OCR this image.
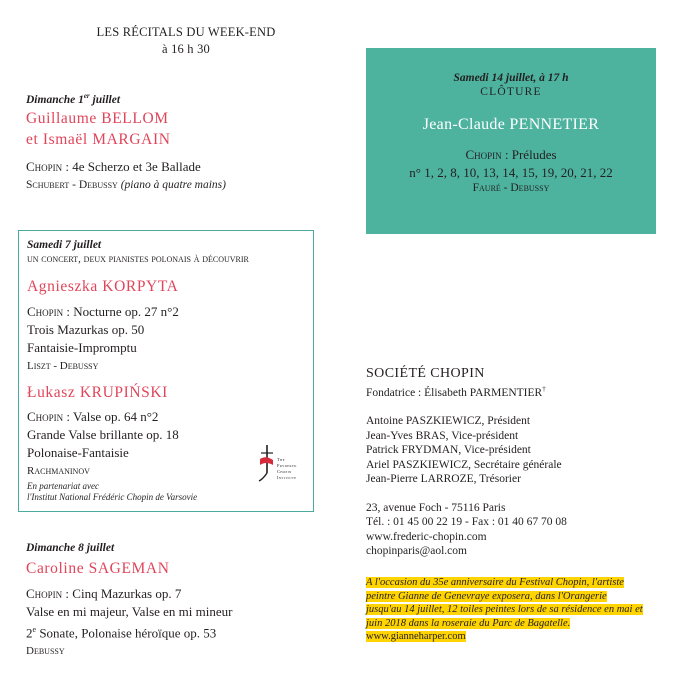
LES RÉCITALS DU WEEK-END
à 16 h 30
Dimanche 1er juillet
Guillaume BELLOM
et Ismaël MARGAIN
Chopin : 4e Scherzo et 3e Ballade
Schubert - Debussy (piano à quatre mains)
Samedi 7 juillet
un concert, deux pianistes polonais à découvrir
Agnieszka KORPYTA
Chopin : Nocturne op. 27 n°2
Trois Mazurkas op. 50
Fantaisie-Impromptu
Liszt - Debussy
Łukasz KRUPIŃSKI
Chopin : Valse op. 64 n°2
Grande Valse brillante op. 18
Polonaise-Fantaisie
Rachmaninov
En partenariat avec
l'Institut National Frédéric Chopin de Varsovie
The
Fryderyk
Chopin
Institute
Dimanche 8 juillet
Caroline SAGEMAN
Chopin : Cinq Mazurkas op. 7
Valse en mi majeur, Valse en mi mineur
2e Sonate, Polonaise héroïque op. 53
Debussy
Samedi 14 juillet, à 17 h
CLÔTURE
Jean-Claude PENNETIER
Chopin : Préludes
n° 1, 2, 8, 10, 13, 14, 15, 19, 20, 21, 22
Fauré - Debussy
SOCIÉTÉ CHOPIN
Fondatrice : Élisabeth PARMENTIER†
Antoine PASZKIEWICZ, Président
Jean-Yves BRAS, Vice-président
Patrick FRYDMAN, Vice-président
Ariel PASZKIEWICZ, Secrétaire générale
Jean-Pierre LARROZE, Trésorier
23, avenue Foch - 75116 Paris
Tél. : 01 45 00 22 19 - Fax : 01 40 67 70 08
www.frederic-chopin.com
chopinparis@aol.com
A l'occasion du 35e anniversaire du Festival Chopin, l'artiste
peintre Gianne de Genevraye exposera, dans l'Orangerie
jusqu'au 14 juillet, 12 toiles peintes lors de sa résidence en mai et
juin 2018 dans la roseraie du Parc de Bagatelle.
www.gianneharper.com
